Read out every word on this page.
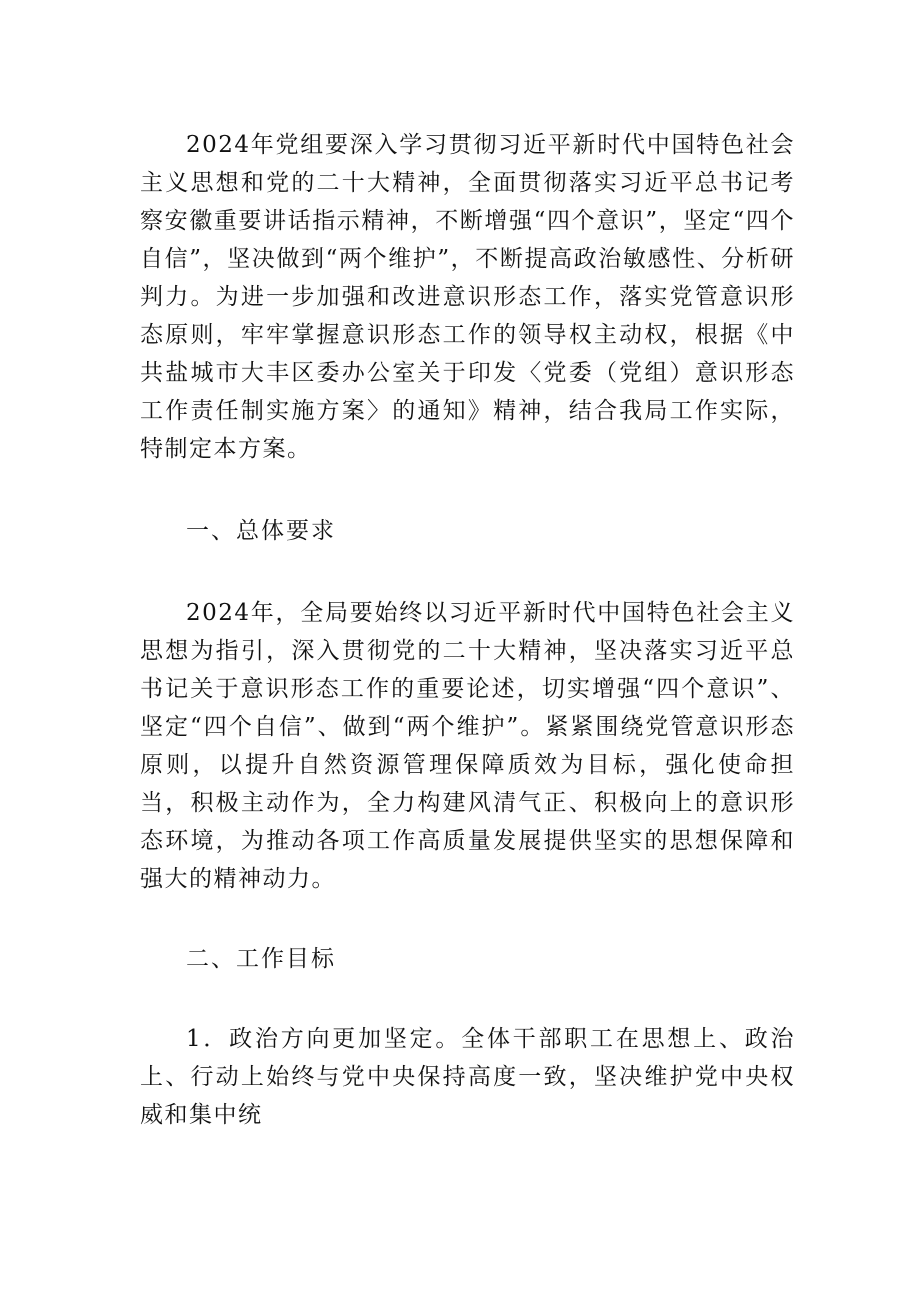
2024年党组要深入学习贯彻习近平新时代中国特色社会主义思想和党的二十大精神，全面贯彻落实习近平总书记考察安徽重要讲话指示精神，不断增强“四个意识”，坚定“四个自信”，坚决做到“两个维护”，不断提高政治敏感性、分析研判力。为进一步加强和改进意识形态工作，落实党管意识形态原则，牢牢掌握意识形态工作的领导权主动权，根据《中共盐城市大丰区委办公室关于印发〈党委（党组）意识形态工作责任制实施方案〉的通知》精神，结合我局工作实际，特制定本方案。

一、总体要求

2024年，全局要始终以习近平新时代中国特色社会主义思想为指引，深入贯彻党的二十大精神，坚决落实习近平总书记关于意识形态工作的重要论述，切实增强“四个意识”、坚定“四个自信”、做到“两个维护”。紧紧围绕党管意识形态原则，以提升自然资源管理保障质效为目标，强化使命担当，积极主动作为，全力构建风清气正、积极向上的意识形态环境，为推动各项工作高质量发展提供坚实的思想保障和强大的精神动力。

二、工作目标

1．政治方向更加坚定。全体干部职工在思想上、政治上、行动上始终与党中央保持高度一致，坚决维护党中央权威和集中统
